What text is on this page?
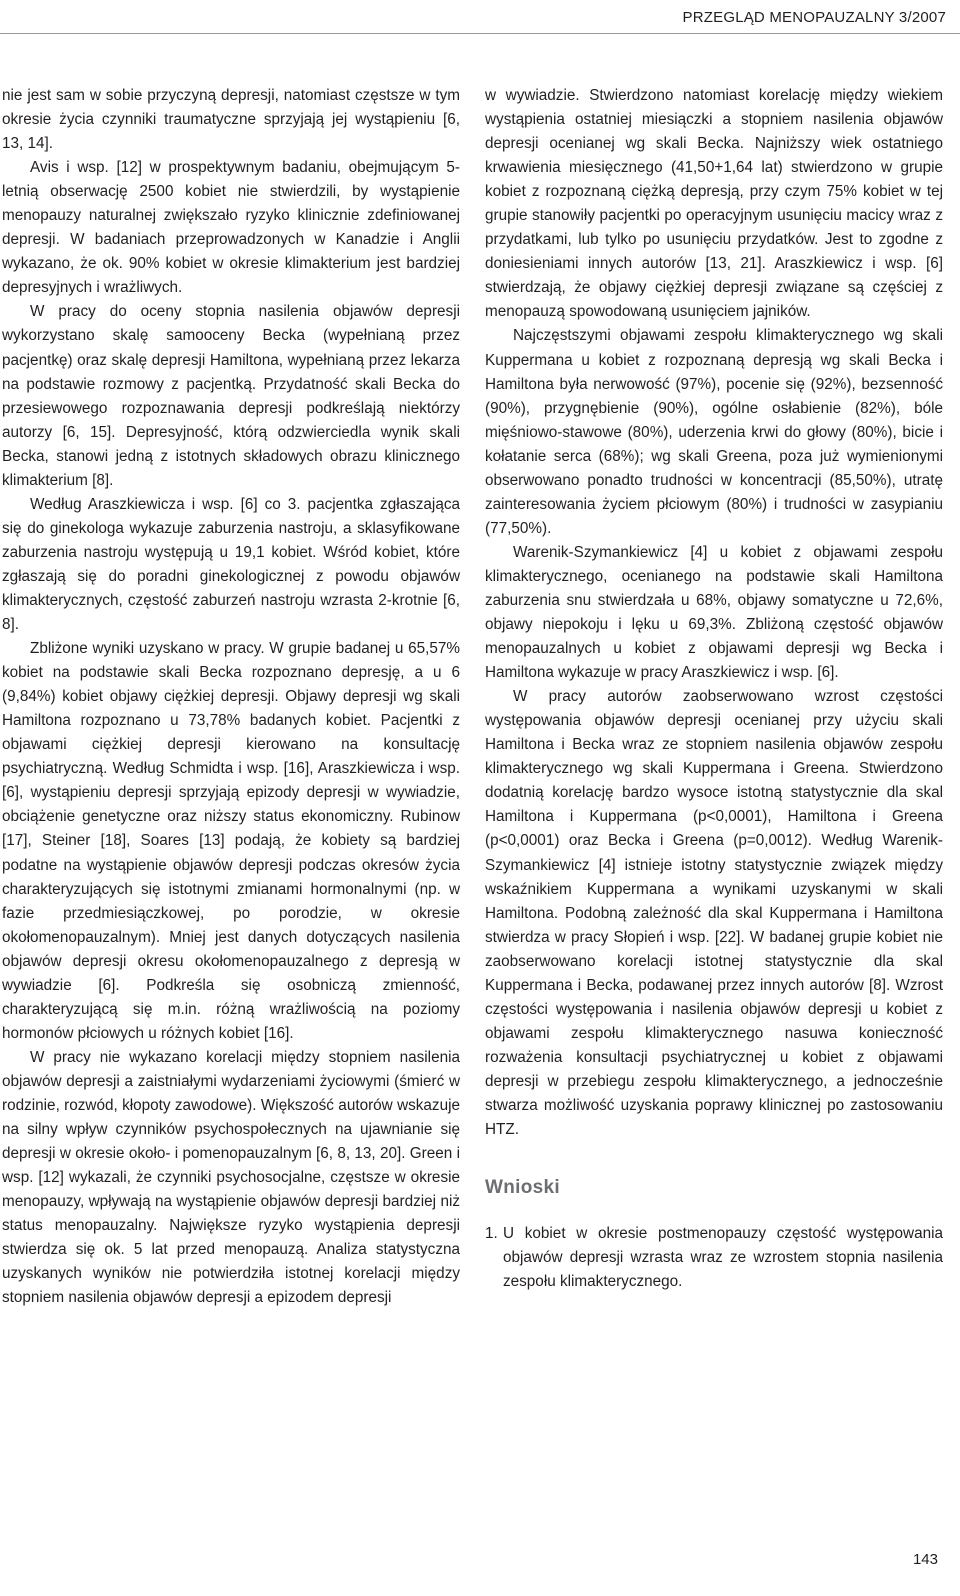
PRZEGLĄD MENOPAUZALNY 3/2007

nie jest sam w sobie przyczyną depresji, natomiast częstsze w tym okresie życia czynniki traumatyczne sprzyjają jej wystąpieniu [6, 13, 14].

Avis i wsp. [12] w prospektywnym badaniu, obejmującym 5-letnią obserwację 2500 kobiet nie stwierdzili, by wystąpienie menopauzy naturalnej zwiększało ryzyko klinicznie zdefiniowanej depresji. W badaniach przeprowadzonych w Kanadzie i Anglii wykazano, że ok. 90% kobiet w okresie klimakterium jest bardziej depresyjnych i wrażliwych.

W pracy do oceny stopnia nasilenia objawów depresji wykorzystano skalę samooceny Becka (wypełnianą przez pacjentkę) oraz skalę depresji Hamiltona, wypełnianą przez lekarza na podstawie rozmowy z pacjentką. Przydatność skali Becka do przesiewowego rozpoznawania depresji podkreślają niektórzy autorzy [6, 15]. Depresyjność, którą odzwierciedla wynik skali Becka, stanowi jedną z istotnych składowych obrazu klinicznego klimakterium [8].

Według Araszkiewicza i wsp. [6] co 3. pacjentka zgłaszająca się do ginekologa wykazuje zaburzenia nastroju, a sklasyfikowane zaburzenia nastroju występują u 19,1 kobiet. Wśród kobiet, które zgłaszają się do poradni ginekologicznej z powodu objawów klimakterycznych, częstość zaburzeń nastroju wzrasta 2-krotnie [6, 8].

Zbliżone wyniki uzyskano w pracy. W grupie badanej u 65,57% kobiet na podstawie skali Becka rozpoznano depresję, a u 6 (9,84%) kobiet objawy ciężkiej depresji. Objawy depresji wg skali Hamiltona rozpoznano u 73,78% badanych kobiet. Pacjentki z objawami ciężkiej depresji kierowano na konsultację psychiatryczną. Według Schmidta i wsp. [16], Araszkiewicza i wsp. [6], wystąpieniu depresji sprzyjają epizody depresji w wywiadzie, obciążenie genetyczne oraz niższy status ekonomiczny. Rubinow [17], Steiner [18], Soares [13] podają, że kobiety są bardziej podatne na wystąpienie objawów depresji podczas okresów życia charakteryzujących się istotnymi zmianami hormonalnymi (np. w fazie przedmiesiączkowej, po porodzie, w okresie okołomenopauzalnym). Mniej jest danych dotyczących nasilenia objawów depresji okresu okołomenopauzalnego z depresją w wywiadzie [6]. Podkreśla się osobniczą zmienność, charakteryzującą się m.in. różną wrażliwością na poziomy hormonów płciowych u różnych kobiet [16].

W pracy nie wykazano korelacji między stopniem nasilenia objawów depresji a zaistniałymi wydarzeniami życiowymi (śmierć w rodzinie, rozwód, kłopoty zawodowe). Większość autorów wskazuje na silny wpływ czynników psychospołecznych na ujawnianie się depresji w okresie około- i pomenopauzalnym [6, 8, 13, 20]. Green i wsp. [12] wykazali, że czynniki psychosocjalne, częstsze w okresie menopauzy, wpływają na wystąpienie objawów depresji bardziej niż status menopauzalny. Największe ryzyko wystąpienia depresji stwierdza się ok. 5 lat przed menopauzą. Analiza statystyczna uzyskanych wyników nie potwierdziła istotnej korelacji między stopniem nasilenia objawów depresji a epizodem depresji

w wywiadzie. Stwierdzono natomiast korelację między wiekiem wystąpienia ostatniej miesiączki a stopniem nasilenia objawów depresji ocenianej wg skali Becka. Najniższy wiek ostatniego krwawienia miesięcznego (41,50+1,64 lat) stwierdzono w grupie kobiet z rozpoznaną ciężką depresją, przy czym 75% kobiet w tej grupie stanowiły pacjentki po operacyjnym usunięciu macicy wraz z przydatkami, lub tylko po usunięciu przydatków. Jest to zgodne z doniesieniami innych autorów [13, 21]. Araszkiewicz i wsp. [6] stwierdzają, że objawy ciężkiej depresji związane są częściej z menopauzą spowodowaną usunięciem jajników.

Najczęstszymi objawami zespołu klimakterycznego wg skali Kuppermana u kobiet z rozpoznaną depresją wg skali Becka i Hamiltona była nerwowość (97%), pocenie się (92%), bezsenność (90%), przygnębienie (90%), ogólne osłabienie (82%), bóle mięśniowo-stawowe (80%), uderzenia krwi do głowy (80%), bicie i kołatanie serca (68%); wg skali Greena, poza już wymienionymi obserwowano ponadto trudności w koncentracji (85,50%), utratę zainteresowania życiem płciowym (80%) i trudności w zasypianiu (77,50%).

Warenik-Szymankiewicz [4] u kobiet z objawami zespołu klimakterycznego, ocenianego na podstawie skali Hamiltona zaburzenia snu stwierdzała u 68%, objawy somatyczne u 72,6%, objawy niepokoju i lęku u 69,3%. Zbliżoną częstość objawów menopauzalnych u kobiet z objawami depresji wg Becka i Hamiltona wykazuje w pracy Araszkiewicz i wsp. [6].

W pracy autorów zaobserwowano wzrost częstości występowania objawów depresji ocenianej przy użyciu skali Hamiltona i Becka wraz ze stopniem nasilenia objawów zespołu klimakterycznego wg skali Kuppermana i Greena. Stwierdzono dodatnią korelację bardzo wysoce istotną statystycznie dla skal Hamiltona i Kuppermana (p<0,0001), Hamiltona i Greena (p<0,0001) oraz Becka i Greena (p=0,0012). Według Warenik-Szymankiewicz [4] istnieje istotny statystycznie związek między wskaźnikiem Kuppermana a wynikami uzyskanymi w skali Hamiltona. Podobną zależność dla skal Kuppermana i Hamiltona stwierdza w pracy Słopień i wsp. [22]. W badanej grupie kobiet nie zaobserwowano korelacji istotnej statystycznie dla skal Kuppermana i Becka, podawanej przez innych autorów [8]. Wzrost częstości występowania i nasilenia objawów depresji u kobiet z objawami zespołu klimakterycznego nasuwa konieczność rozważenia konsultacji psychiatrycznej u kobiet z objawami depresji w przebiegu zespołu klimakterycznego, a jednocześnie stwarza możliwość uzyskania poprawy klinicznej po zastosowaniu HTZ.

Wnioski
1. U kobiet w okresie postmenopauzy częstość występowania objawów depresji wzrasta wraz ze wzrostem stopnia nasilenia zespołu klimakterycznego.
143
